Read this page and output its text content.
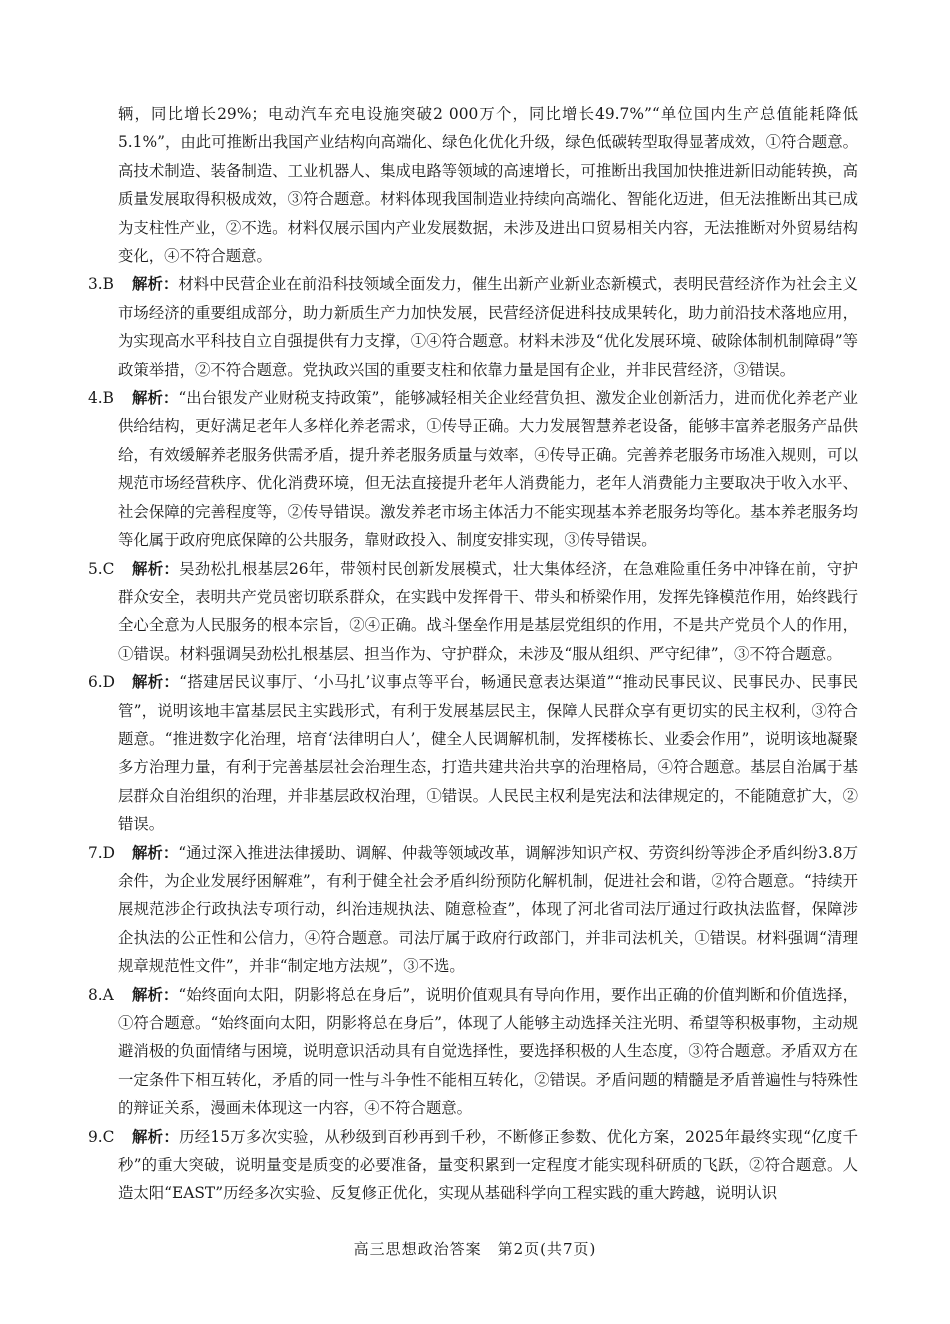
辆，同比增长29%；电动汽车充电设施突破2 000万个，同比增长49.7%”“单位国内生产总值能耗降低5.1%”，由此可推断出我国产业结构向高端化、绿色化优化升级，绿色低碳转型取得显著成效，①符合题意。高技术制造、装备制造、工业机器人、集成电路等领域的高速增长，可推断出我国加快推进新旧动能转换，高质量发展取得积极成效，③符合题意。材料体现我国制造业持续向高端化、智能化迈进，但无法推断出其已成为支柱性产业，②不选。材料仅展示国内产业发展数据，未涉及进出口贸易相关内容，无法推断对外贸易结构变化，④不符合题意。
3.B 解析：材料中民营企业在前沿科技领域全面发力，催生出新产业新业态新模式，表明民营经济作为社会主义市场经济的重要组成部分，助力新质生产力加快发展，民营经济促进科技成果转化，助力前沿技术落地应用，为实现高水平科技自立自强提供有力支撑，①④符合题意。材料未涉及“优化发展环境、破除体制机制障碍”等政策举措，②不符合题意。党执政兴国的重要支柱和依靠力量是国有企业，并非民营经济，③错误。
4.B 解析：“出台银发产业财税支持政策”，能够减轻相关企业经营负担、激发企业创新活力，进而优化养老产业供给结构，更好满足老年人多样化养老需求，①传导正确。大力发展智慧养老设备，能够丰富养老服务产品供给，有效缓解养老服务供需矛盾，提升养老服务质量与效率，④传导正确。完善养老服务市场准入规则，可以规范市场经营秩序、优化消费环境，但无法直接提升老年人消费能力，老年人消费能力主要取决于收入水平、社会保障的完善程度等，②传导错误。激发养老市场主体活力不能实现基本养老服务均等化。基本养老服务均等化属于政府兜底保障的公共服务，靠财政投入、制度安排实现，③传导错误。
5.C 解析：吴劲松扎根基层26年，带领村民创新发展模式，壮大集体经济，在急难险重任务中冲锋在前，守护群众安全，表明共产党员密切联系群众，在实践中发挥骨干、带头和桥梁作用，发挥先锋模范作用，始终践行全心全意为人民服务的根本宗旨，②④正确。战斗堡垒作用是基层党组织的作用，不是共产党员个人的作用，①错误。材料强调吴劲松扎根基层、担当作为、守护群众，未涉及“服从组织、严守纪律”，③不符合题意。
6.D 解析：“搭建居民议事厅、‘小马扎’议事点等平台，畅通民意表达渠道”“推动民事民议、民事民办、民事民管”，说明该地丰富基层民主实践形式，有利于发展基层民主，保障人民群众享有更切实的民主权利，③符合题意。“推进数字化治理，培育‘法律明白人’，健全人民调解机制，发挥楼栋长、业委会作用”，说明该地凝聚多方治理力量，有利于完善基层社会治理生态，打造共建共治共享的治理格局，④符合题意。基层自治属于基层群众自治组织的治理，并非基层政权治理，①错误。人民民主权利是宪法和法律规定的，不能随意扩大，②错误。
7.D 解析：“通过深入推进法律援助、调解、仲裁等领域改革，调解涉知识产权、劳资纠纷等涉企矛盾纠纷3.8万余件，为企业发展纾困解难”，有利于健全社会矛盾纠纷预防化解机制，促进社会和谐，②符合题意。“持续开展规范涉企行政执法专项行动，纠治违规执法、随意检查”，体现了河北省司法厅通过行政执法监督，保障涉企执法的公正性和公信力，④符合题意。司法厅属于政府行政部门，并非司法机关，①错误。材料强调“清理规章规范性文件”，并非“制定地方法规”，③不选。
8.A 解析：“始终面向太阳，阴影将总在身后”，说明价值观具有导向作用，要作出正确的价值判断和价值选择，①符合题意。“始终面向太阳，阴影将总在身后”，体现了人能够主动选择关注光明、希望等积极事物，主动规避消极的负面情绪与困境，说明意识活动具有自觉选择性，要选择积极的人生态度，③符合题意。矛盾双方在一定条件下相互转化，矛盾的同一性与斗争性不能相互转化，②错误。矛盾问题的精髓是矛盾普遍性与特殊性的辩证关系，漫画未体现这一内容，④不符合题意。
9.C 解析：历经15万多次实验，从秒级到百秒再到千秒，不断修正参数、优化方案，2025年最终实现“亿度千秒”的重大突破，说明量变是质变的必要准备，量变积累到一定程度才能实现科研质的飞跃，②符合题意。人造太阳“EAST”历经多次实验、反复修正优化，实现从基础科学向工程实践的重大跨越，说明认识
高三思想政治答案　第2页(共7页)
